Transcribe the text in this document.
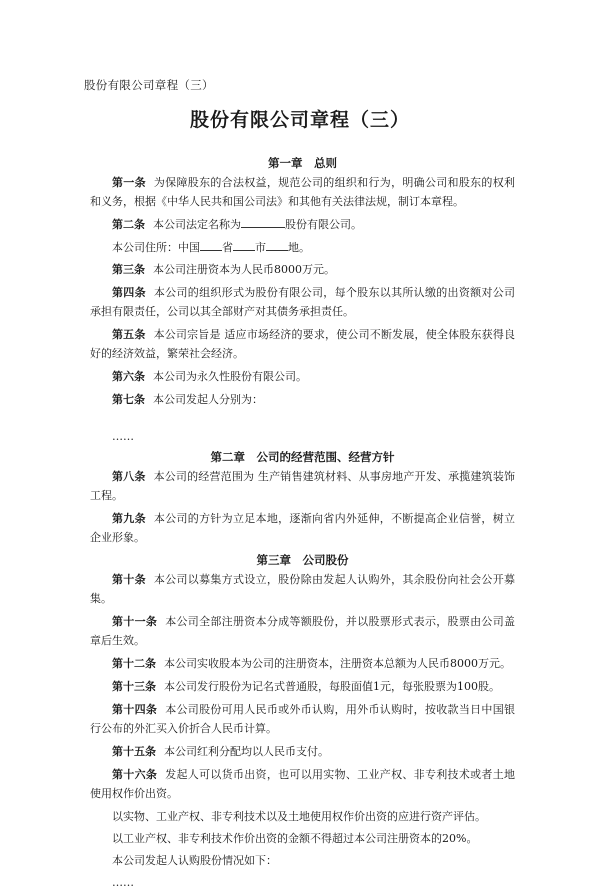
股份有限公司章程（三）
股份有限公司章程（三）
第一章　总则

第一条 为保障股东的合法权益，规范公司的组织和行为，明确公司和股东的权利和义务，根据《中华人民共和国公司法》和其他有关法律法规，制订本章程。

第二条 本公司法定名称为	股份有限公司。

本公司住所：中国 省 市 地。

第三条 本公司注册资本为人民币8000万元。

第四条 本公司的组织形式为股份有限公司，每个股东以其所认缴的出资额对公司承担有限责任，公司以其全部财产对其债务承担责任。

第五条 本公司宗旨是 适应市场经济的要求，使公司不断发展，使全体股东获得良好的经济效益，繁荣社会经济。

第六条 本公司为永久性股份有限公司。

第七条 本公司发起人分别为：

……

第二章　公司的经营范围、经营方针

第八条 本公司的经营范围为 生产销售建筑材料、从事房地产开发、承揽建筑装饰工程。

第九条 本公司的方针为立足本地，逐渐向省内外延伸，不断提高企业信誉，树立企业形象。

第三章　公司股份

第十条 本公司以募集方式设立，股份除由发起人认购外，其余股份向社会公开募集。

第十一条 本公司全部注册资本分成等额股份，并以股票形式表示，股票由公司盖章后生效。

第十二条 本公司实收股本为公司的注册资本，注册资本总额为人民币8000万元。

第十三条 本公司发行股份为记名式普通股，每股面值1元，每张股票为100股。

第十四条 本公司股份可用人民币或外币认购，用外币认购时，按收款当日中国银行公布的外汇买入价折合人民币计算。

第十五条 本公司红利分配均以人民币支付。

第十六条 发起人可以货币出资，也可以用实物、工业产权、非专利技术或者土地使用权作价出资。

以实物、工业产权、非专利技术以及土地使用权作价出资的应进行资产评估。

以工业产权、非专利技术作价出资的金额不得超过本公司注册资本的20%。

本公司发起人认购股份情况如下：

……
